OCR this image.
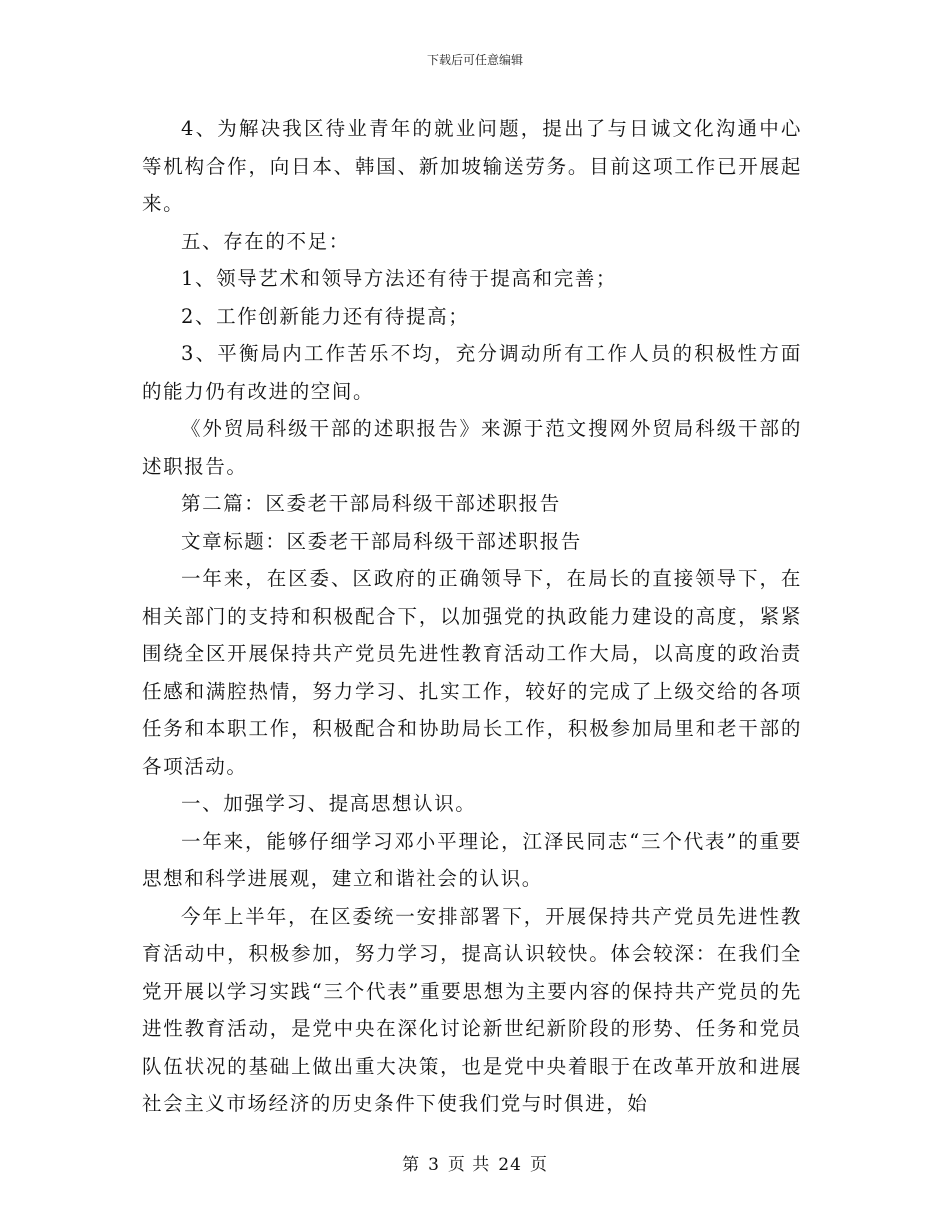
下载后可任意编辑

4、为解决我区待业青年的就业问题，提出了与日诚文化沟通中心等机构合作，向日本、韩国、新加坡输送劳务。目前这项工作已开展起来。

五、存在的不足：

1、领导艺术和领导方法还有待于提高和完善；

2、工作创新能力还有待提高；

3、平衡局内工作苦乐不均，充分调动所有工作人员的积极性方面的能力仍有改进的空间。

《外贸局科级干部的述职报告》来源于范文搜网外贸局科级干部的述职报告。

第二篇：区委老干部局科级干部述职报告

文章标题：区委老干部局科级干部述职报告

一年来，在区委、区政府的正确领导下，在局长的直接领导下，在相关部门的支持和积极配合下，以加强党的执政能力建设的高度，紧紧围绕全区开展保持共产党员先进性教育活动工作大局，以高度的政治责任感和满腔热情，努力学习、扎实工作，较好的完成了上级交给的各项任务和本职工作，积极配合和协助局长工作，积极参加局里和老干部的各项活动。

一、加强学习、提高思想认识。

一年来，能够仔细学习邓小平理论，江泽民同志“三个代表”的重要思想和科学进展观，建立和谐社会的认识。

今年上半年，在区委统一安排部署下，开展保持共产党员先进性教育活动中，积极参加，努力学习，提高认识较快。体会较深：在我们全党开展以学习实践“三个代表”重要思想为主要内容的保持共产党员的先进性教育活动，是党中央在深化讨论新世纪新阶段的形势、任务和党员队伍状况的基础上做出重大决策，也是党中央着眼于在改革开放和进展社会主义市场经济的历史条件下使我们党与时俱进，始

第 3 页 共 24 页
